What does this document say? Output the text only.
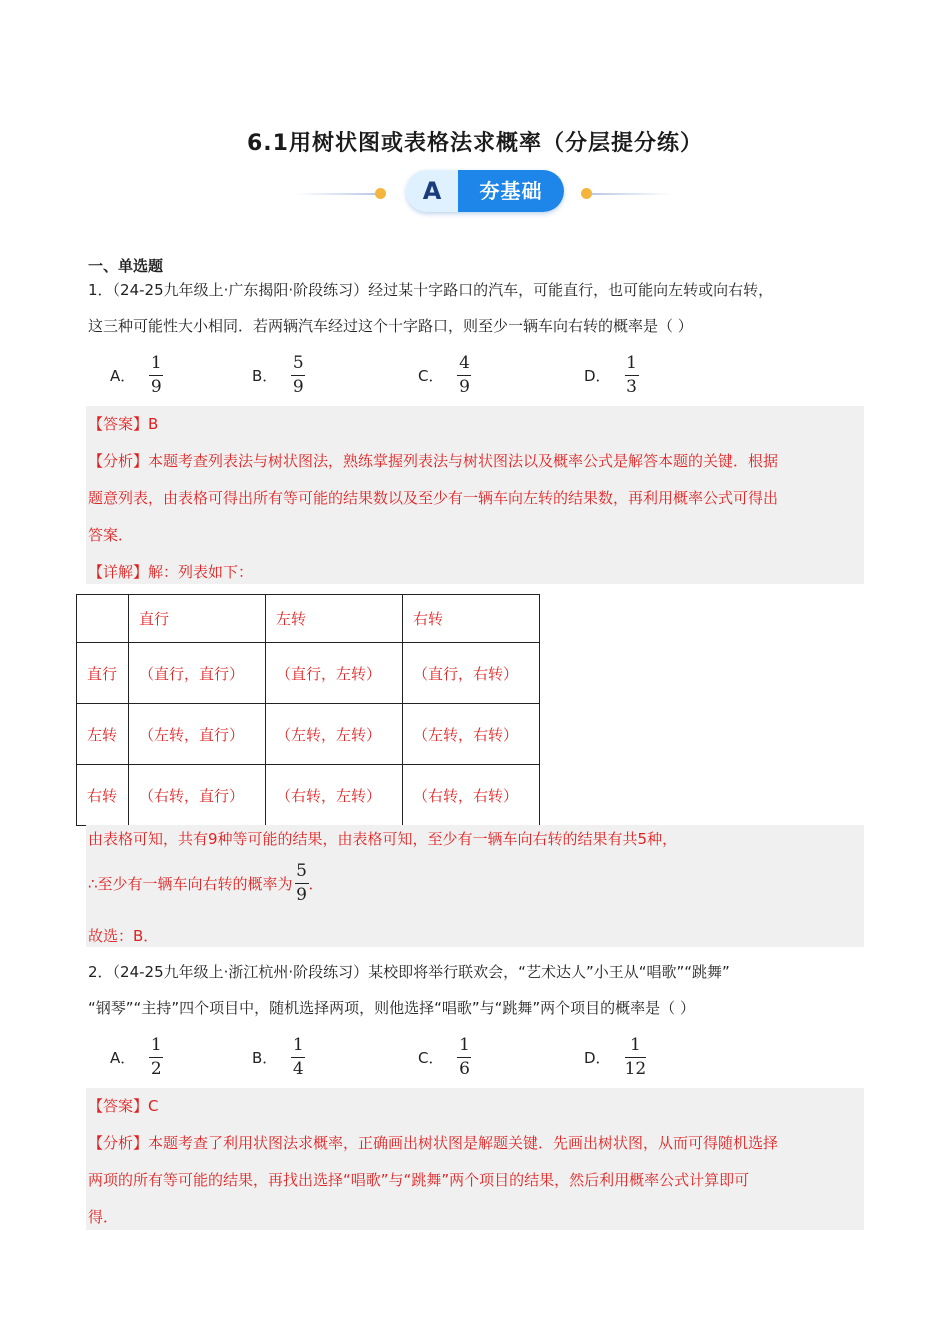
6.1用树状图或表格法求概率（分层提分练）
A	夯基础
一、单选题
1．（24-25九年级上·广东揭阳·阶段练习）经过某十字路口的汽车，可能直行，也可能向左转或向右转，
这三种可能性大小相同．若两辆汽车经过这个十字路口，则至少一辆车向右转的概率是（ ）
A． $\frac{1}{9}$	B． $\frac{5}{9}$	C． $\frac{4}{9}$	D． $\frac{1}{3}$
【答案】B
【分析】本题考查列表法与树状图法，熟练掌握列表法与树状图法以及概率公式是解答本题的关键．根据
题意列表，由表格可得出所有等可能的结果数以及至少有一辆车向左转的结果数，再利用概率公式可得出
答案．
【详解】解：列表如下：
	直行	左转	右转
直行	（直行，直行）	（直行，左转）	（直行，右转）
左转	（左转，直行）	（左转，左转）	（左转，右转）
右转	（右转，直行）	（右转，左转）	（右转，右转）
由表格可知，共有9种等可能的结果，由表格可知，至少有一辆车向右转的结果有共5种，
∴至少有一辆车向右转的概率为 $\frac{5}{9}$ ．
故选：B．
2．（24-25九年级上·浙江杭州·阶段练习）某校即将举行联欢会，“艺术达人”小王从“唱歌”“跳舞”
“钢琴”“主持”四个项目中，随机选择两项，则他选择“唱歌”与“跳舞”两个项目的概率是（ ）
A． $\frac{1}{2}$	B． $\frac{1}{4}$	C． $\frac{1}{6}$	D． $\frac{1}{12}$
【答案】C
【分析】本题考查了利用状图法求概率，正确画出树状图是解题关键．先画出树状图，从而可得随机选择
两项的所有等可能的结果，再找出选择“唱歌”与“跳舞”两个项目的结果，然后利用概率公式计算即可
得．
